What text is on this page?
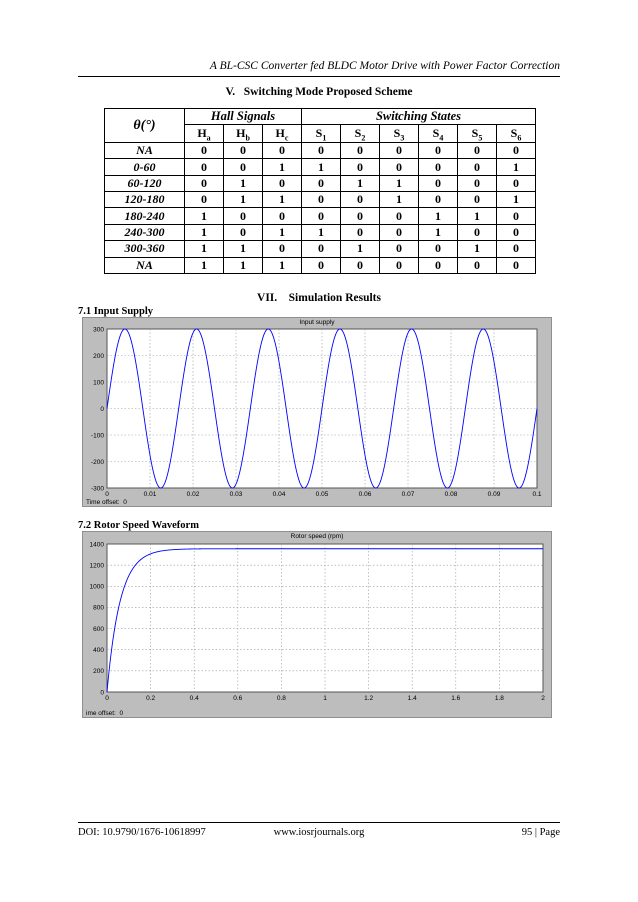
A BL-CSC Converter fed BLDC Motor Drive with Power Factor Correction
V.   Switching Mode Proposed Scheme
θ(°)	Hall Signals			Switching States					
	$H_a$	$H_b$	$H_c$	$S_1$	$S_2$	$S_3$	$S_4$	$S_5$	$S_6$
NA	0	0	0	0	0	0	0	0	0
0-60	0	0	1	1	0	0	0	0	1
60-120	0	1	0	0	1	1	0	0	0
120-180	0	1	1	0	0	1	0	0	1
180-240	1	0	0	0	0	0	1	1	0
240-300	1	0	1	1	0	0	1	0	0
300-360	1	1	0	0	1	0	0	1	0
NA	1	1	1	0	0	0	0	0	0
VII.    Simulation Results
7.1 Input Supply
Input supply
0	0.01	0.02	0.03	0.04	0.05	0.06	0.07	0.08	0.09	0.1
-300
-200
-100
0
100
200
300
Time offset:  0
7.2 Rotor Speed Waveform
Rotor speed (rpm)
0	0.2	0.4	0.6	0.8	1	1.2	1.4	1.6	1.8	2
0
200
400
600
800
1000
1200
1400
ime offset:  0
DOI: 10.9790/1676-10618997	www.iosrjournals.org	95 | Page
